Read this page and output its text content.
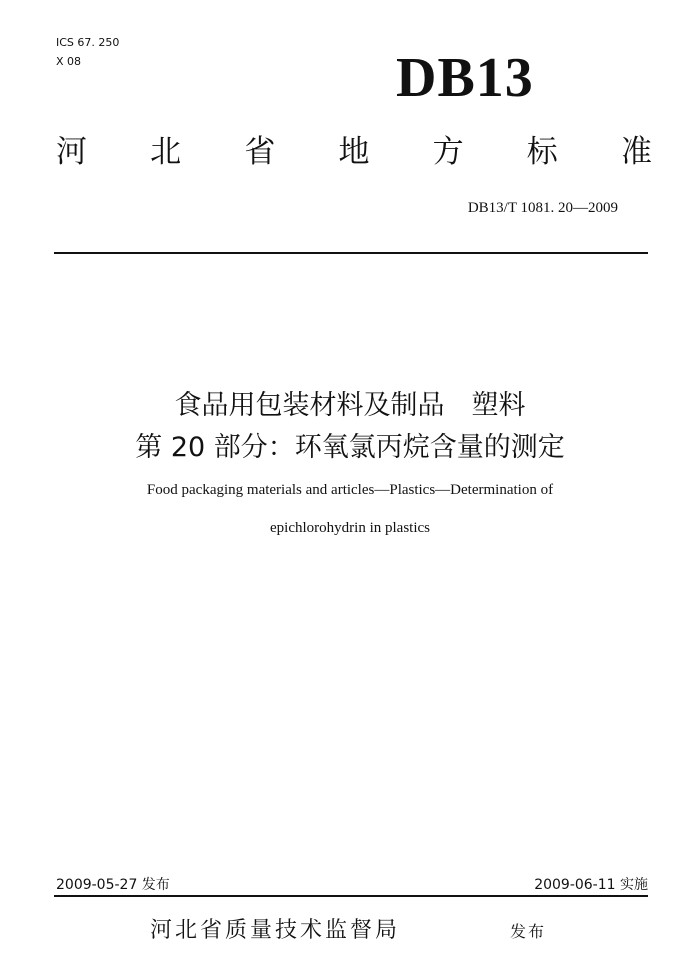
ICS 67. 250
X 08	DB13
河 北 省 地 方 标 准
DB13/T 1081. 20—2009
食品用包装材料及制品　塑料
第 20 部分：环氧氯丙烷含量的测定
Food packaging materials and articles—Plastics—Determination of
epichlorohydrin in plastics
2009-05-27 发布	2009-06-11 实施
河北省质量技术监督局	发布
